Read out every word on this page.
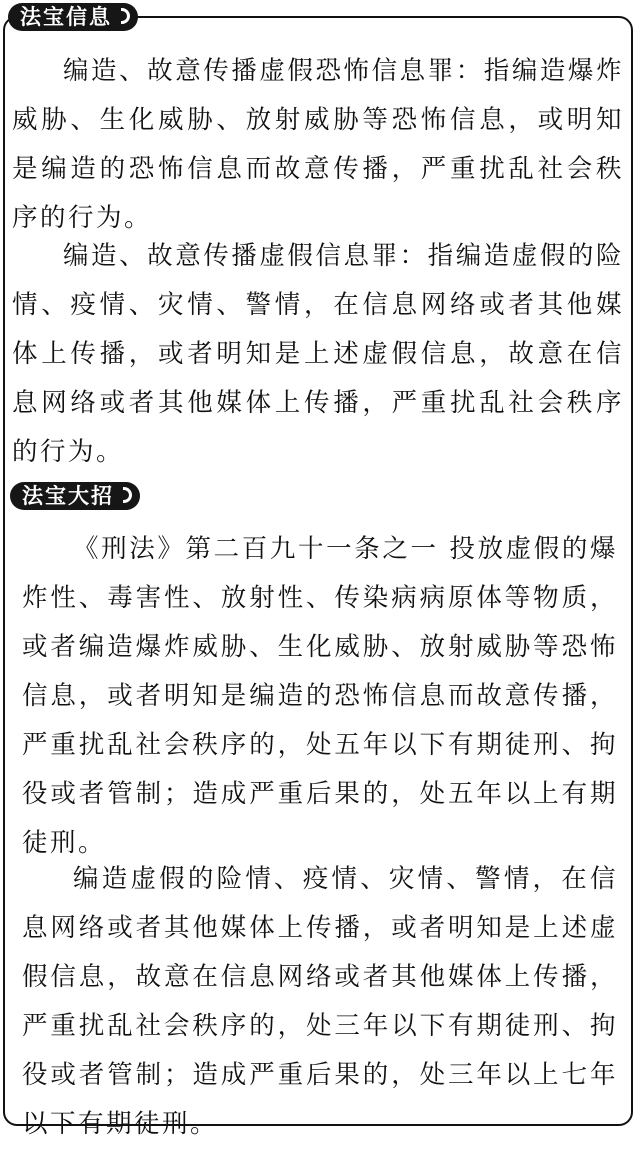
法宝信息

编造、故意传播虚假恐怖信息罪：指编造爆炸威胁、生化威胁、放射威胁等恐怖信息，或明知是编造的恐怖信息而故意传播，严重扰乱社会秩序的行为。

编造、故意传播虚假信息罪：指编造虚假的险情、疫情、灾情、警情，在信息网络或者其他媒体上传播，或者明知是上述虚假信息，故意在信息网络或者其他媒体上传播，严重扰乱社会秩序的行为。

法宝大招

《刑法》第二百九十一条之一 投放虚假的爆炸性、毒害性、放射性、传染病病原体等物质，或者编造爆炸威胁、生化威胁、放射威胁等恐怖信息，或者明知是编造的恐怖信息而故意传播，严重扰乱社会秩序的，处五年以下有期徒刑、拘役或者管制；造成严重后果的，处五年以上有期徒刑。

编造虚假的险情、疫情、灾情、警情，在信息网络或者其他媒体上传播，或者明知是上述虚假信息，故意在信息网络或者其他媒体上传播，严重扰乱社会秩序的，处三年以下有期徒刑、拘役或者管制；造成严重后果的，处三年以上七年以下有期徒刑。
